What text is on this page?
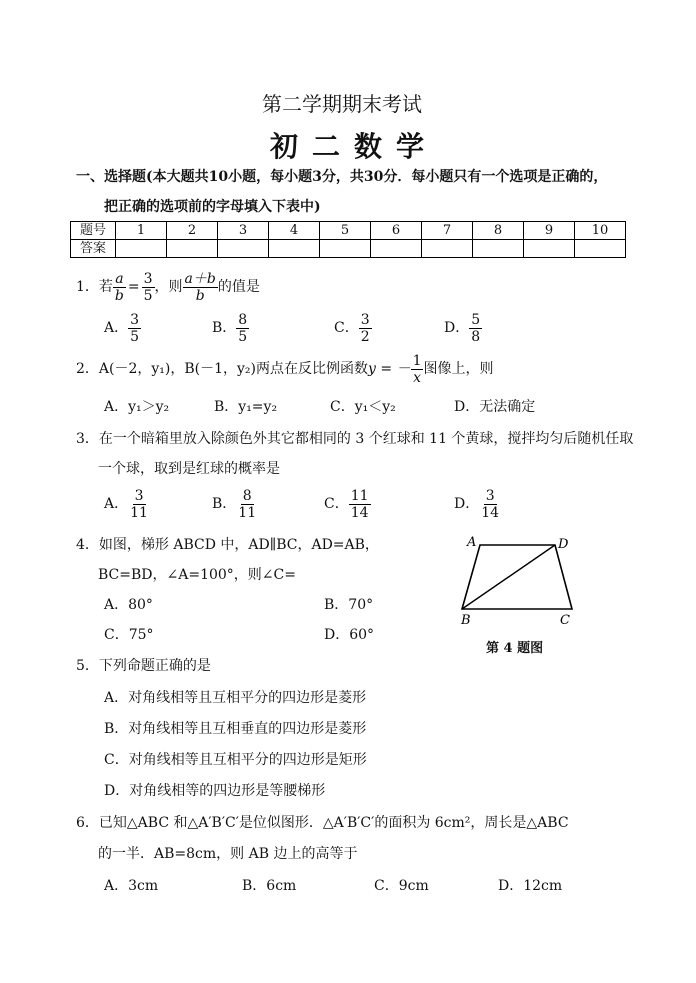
第二学期期末考试
初二数学
一、选择题(本大题共10小题，每小题3分，共30分．每小题只有一个选项是正确的，
把正确的选项前的字母填入下表中)
题号	1	2	3	4	5	6	7	8	9	10
答案										
1．若 $\frac{a}{b} = \frac{3}{5}$ ，则 $\frac{a+b}{b}$ 的值是
A． $\frac{3}{5}$	B． $\frac{8}{5}$	C． $\frac{3}{2}$	D． $\frac{5}{8}$
2．A(－2，y₁)，B(－1，y₂)两点在反比例函数 y = － $\frac{1}{x}$ 图像上，则
A．y₁＞y₂	B．y₁=y₂	C．y₁＜y₂	D．无法确定
3．在一个暗箱里放入除颜色外其它都相同的 3 个红球和 11 个黄球，搅拌均匀后随机任取
一个球，取到是红球的概率是
A． $\frac{3}{11}$	B． $\frac{8}{11}$	C． $\frac{11}{14}$	D． $\frac{3}{14}$
4．如图，梯形 ABCD 中，AD∥BC，AD=AB，
BC=BD，∠A=100°，则∠C=
A．80°	B．70°
C．75°	D．60°
A	D
B	C
第 4 题图
5．下列命题正确的是
A．对角线相等且互相平分的四边形是菱形
B．对角线相等且互相垂直的四边形是菱形
C．对角线相等且互相平分的四边形是矩形
D．对角线相等的四边形是等腰梯形
6．已知△ABC 和△A′B′C′是位似图形．△A′B′C′的面积为 6cm²，周长是△ABC
的一半．AB=8cm，则 AB 边上的高等于
A．3cm	B．6cm	C．9cm	D．12cm
